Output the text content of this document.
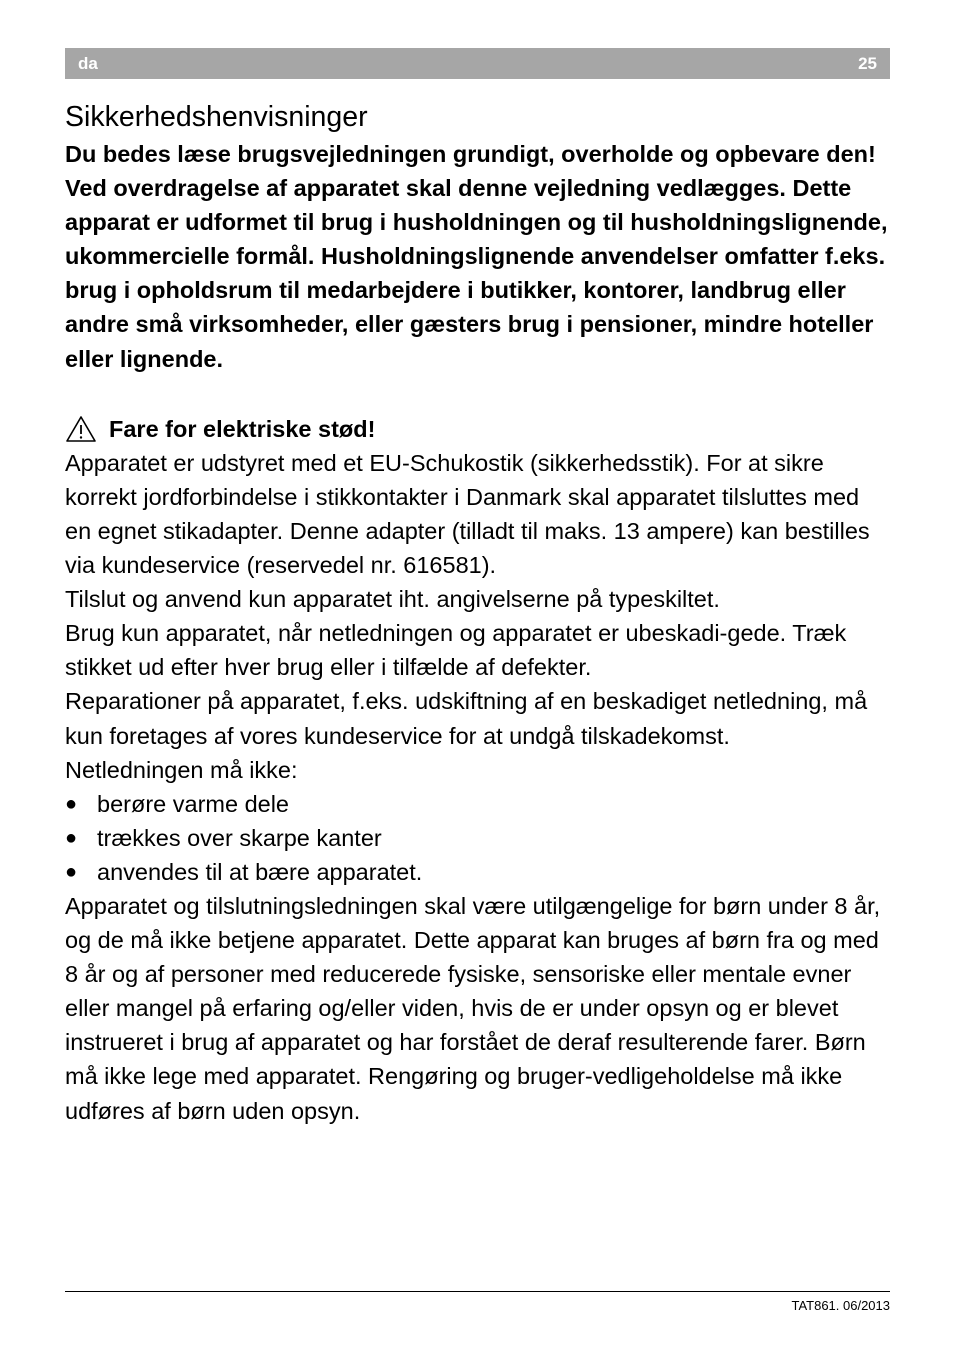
da	25
Sikkerhedshenvisninger

Du bedes læse brugsvejledningen grundigt, overholde og opbevare den! Ved overdragelse af apparatet skal denne vejledning vedlægges. Dette apparat er udformet til brug i husholdningen og til husholdningslignende, ukommercielle formål. Husholdningslignende anvendelser omfatter f.eks. brug i opholdsrum til medarbejdere i butikker, kontorer, landbrug eller andre små virksomheder, eller gæsters brug i pensioner, mindre hoteller eller lignende.

Fare for elektriske stød!

Apparatet er udstyret med et EU-Schukostik (sikkerhedsstik). For at sikre korrekt jordforbindelse i stikkontakter i Danmark skal apparatet tilsluttes med en egnet stikadapter. Denne adapter (tilladt til maks. 13 ampere) kan bestilles via kundeservice (reservedel nr. 616581).

Tilslut og anvend kun apparatet iht. angivelserne på typeskiltet.

Brug kun apparatet, når netledningen og apparatet er ubeskadi-gede. Træk stikket ud efter hver brug eller i tilfælde af defekter.

Reparationer på apparatet, f.eks. udskiftning af en beskadiget netledning, må kun foretages af vores kundeservice for at undgå tilskadekomst.

Netledningen må ikke:

● berøre varme dele
● trækkes over skarpe kanter
● anvendes til at bære apparatet.

Apparatet og tilslutningsledningen skal være utilgængelige for børn under 8 år, og de må ikke betjene apparatet. Dette apparat kan bruges af børn fra og med 8 år og af personer med reducerede fysiske, sensoriske eller mentale evner eller mangel på erfaring og/eller viden, hvis de er under opsyn og er blevet instrueret i brug af apparatet og har forstået de deraf resulterende farer. Børn må ikke lege med apparatet. Rengøring og bruger-vedligeholdelse må ikke udføres af børn uden opsyn.

TAT861. 06/2013
